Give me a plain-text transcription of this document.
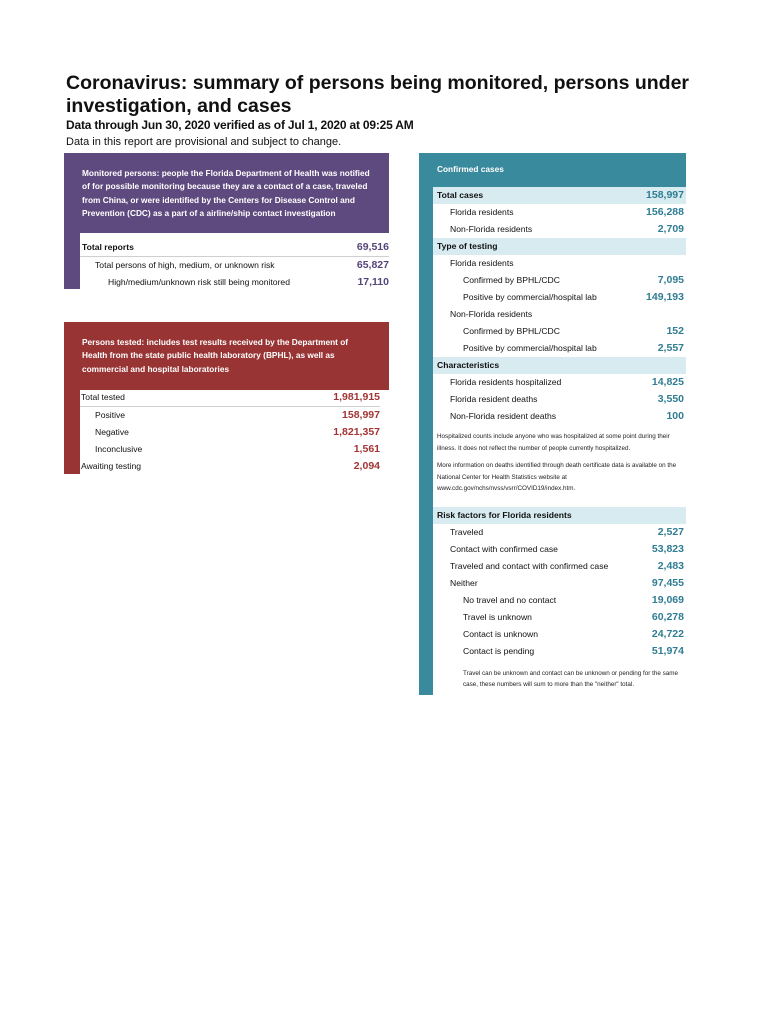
Coronavirus: summary of persons being monitored, persons under investigation, and cases
Data through Jun 30, 2020 verified as of Jul 1, 2020 at 09:25 AM
Data in this report are provisional and subject to change.
Monitored persons: people the Florida Department of Health was notified of for possible monitoring because they are a contact of a case, traveled from China, or were identified by the Centers for Disease Control and Prevention (CDC) as a part of a airline/ship contact investigation
Total reports	69,516
Total persons of high, medium, or unknown risk	65,827
High/medium/unknown risk still being monitored	17,110
Persons tested: includes test results received by the Department of Health from the state public health laboratory (BPHL), as well as commercial and hospital laboratories
Total tested	1,981,915
Positive	158,997
Negative	1,821,357
Inconclusive	1,561
Awaiting testing	2,094
Confirmed cases
Total cases	158,997
Florida residents	156,288
Non-Florida residents	2,709
Type of testing
Florida residents
Confirmed by BPHL/CDC	7,095
Positive by commercial/hospital lab	149,193
Non-Florida residents
Confirmed by BPHL/CDC	152
Positive by commercial/hospital lab	2,557
Characteristics
Florida residents hospitalized	14,825
Florida resident deaths	3,550
Non-Florida resident deaths	100

Hospitalized counts include anyone who was hospitalized at some point during their illness. It does not reflect the number of people currently hospitalized.

More information on deaths identified through death certificate data is available on the National Center for Health Statistics website at www.cdc.gov/nchs/nvss/vsrr/COVID19/index.htm.

Risk factors for Florida residents
Traveled	2,527
Contact with confirmed case	53,823
Traveled and contact with confirmed case	2,483
Neither	97,455
No travel and no contact	19,069
Travel is unknown	60,278
Contact is unknown	24,722
Contact is pending	51,974

Travel can be unknown and contact can be unknown or pending for the same case, these numbers will sum to more than the "neither" total.
